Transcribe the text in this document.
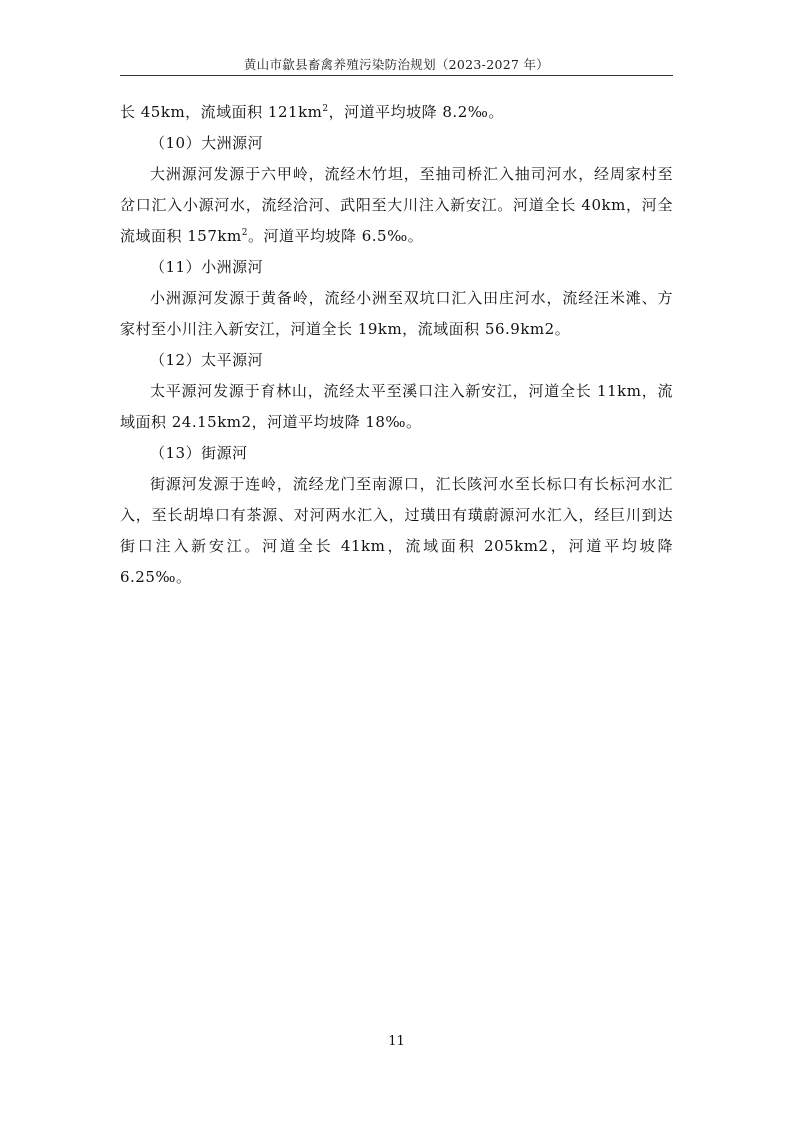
黄山市歙县畜禽养殖污染防治规划（2023-2027 年）

长 45km，流域面积 $121km^2$，河道平均坡降 8.2‰。

（10）大洲源河

大洲源河发源于六甲岭，流经木竹坦，至抽司桥汇入抽司河水，经周家村至岔口汇入小源河水，流经洽河、武阳至大川注入新安江。河道全长 40km，河全流域面积 $157km^2$。河道平均坡降 6.5‰。

（11）小洲源河

小洲源河发源于黄备岭，流经小洲至双坑口汇入田庄河水，流经汪米滩、方家村至小川注入新安江，河道全长 19km，流域面积 56.9km2。

（12）太平源河

太平源河发源于育林山，流经太平至溪口注入新安江，河道全长 11km，流域面积 24.15km2，河道平均坡降 18‰。

（13）街源河

街源河发源于连岭，流经龙门至南源口，汇长陔河水至长标口有长标河水汇入，至长胡埠口有茶源、对河两水汇入，过璜田有璜蔚源河水汇入，经巨川到达街口注入新安江。河道全长 41km，流域面积 205km2，河道平均坡降 6.25‰。

11
